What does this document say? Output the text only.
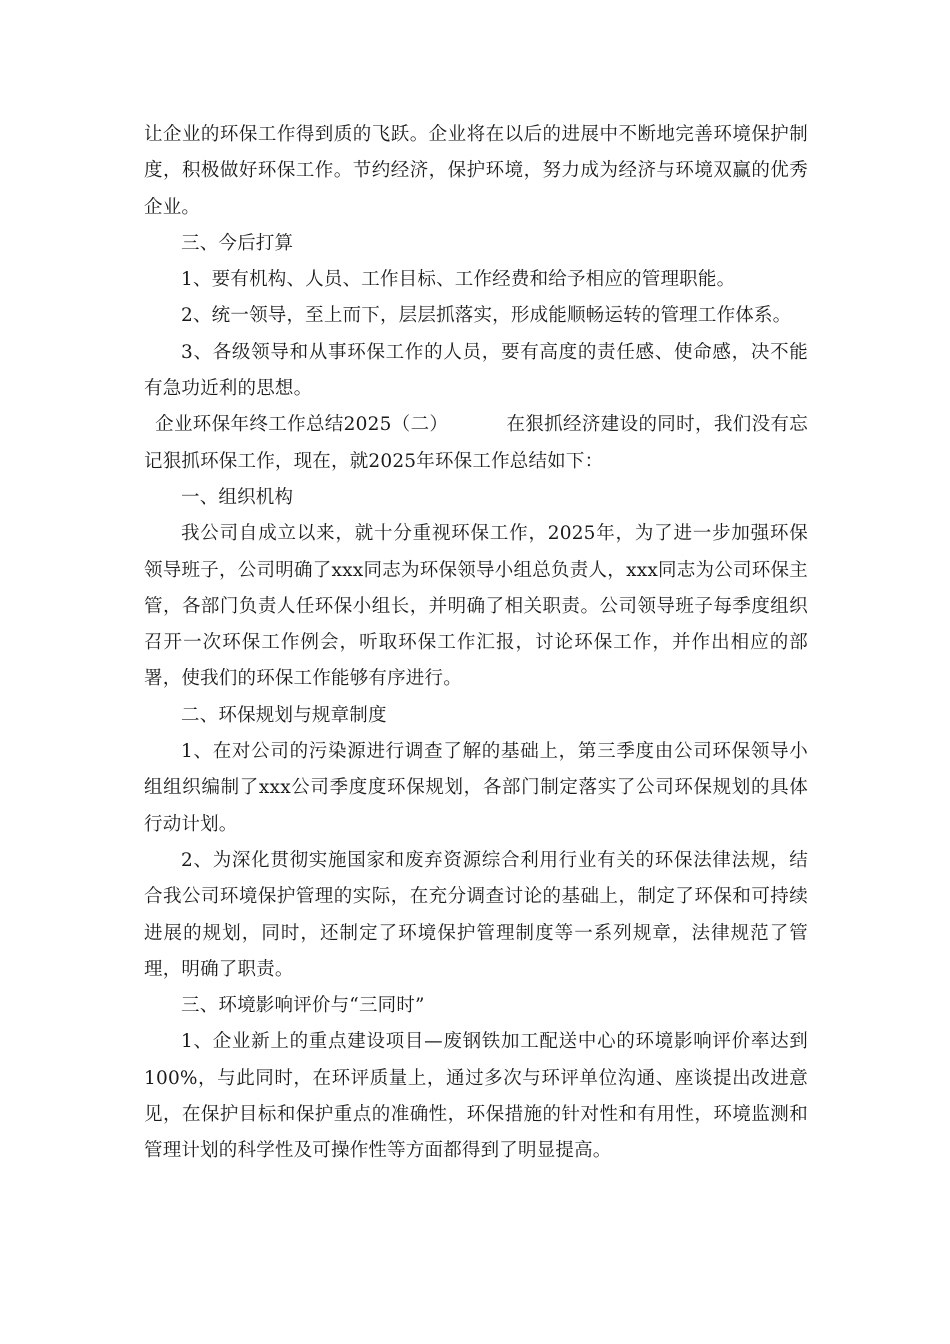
让企业的环保工作得到质的飞跃。企业将在以后的进展中不断地完善环境保护制度，积极做好环保工作。节约经济，保护环境，努力成为经济与环境双赢的优秀企业。

三、今后打算

1、要有机构、人员、工作目标、工作经费和给予相应的管理职能。

2、统一领导，至上而下，层层抓落实，形成能顺畅运转的管理工作体系。

3、各级领导和从事环保工作的人员，要有高度的责任感、使命感，决不能有急功近利的思想。

企业环保年终工作总结2025（二）	在狠抓经济建设的同时，我们没有忘记狠抓环保工作，现在，就2025年环保工作总结如下：

一、组织机构

我公司自成立以来，就十分重视环保工作，2025年，为了进一步加强环保领导班子，公司明确了xxx同志为环保领导小组总负责人，xxx同志为公司环保主管，各部门负责人任环保小组长，并明确了相关职责。公司领导班子每季度组织召开一次环保工作例会，听取环保工作汇报，讨论环保工作，并作出相应的部署，使我们的环保工作能够有序进行。

二、环保规划与规章制度

1、在对公司的污染源进行调查了解的基础上，第三季度由公司环保领导小组组织编制了xxx公司季度度环保规划，各部门制定落实了公司环保规划的具体行动计划。

2、为深化贯彻实施国家和废弃资源综合利用行业有关的环保法律法规，结合我公司环境保护管理的实际，在充分调查讨论的基础上，制定了环保和可持续进展的规划，同时，还制定了环境保护管理制度等一系列规章，法律规范了管理，明确了职责。

三、环境影响评价与“三同时”

1、企业新上的重点建设项目—废钢铁加工配送中心的环境影响评价率达到100%，与此同时，在环评质量上，通过多次与环评单位沟通、座谈提出改进意见，在保护目标和保护重点的准确性，环保措施的针对性和有用性，环境监测和管理计划的科学性及可操作性等方面都得到了明显提高。
